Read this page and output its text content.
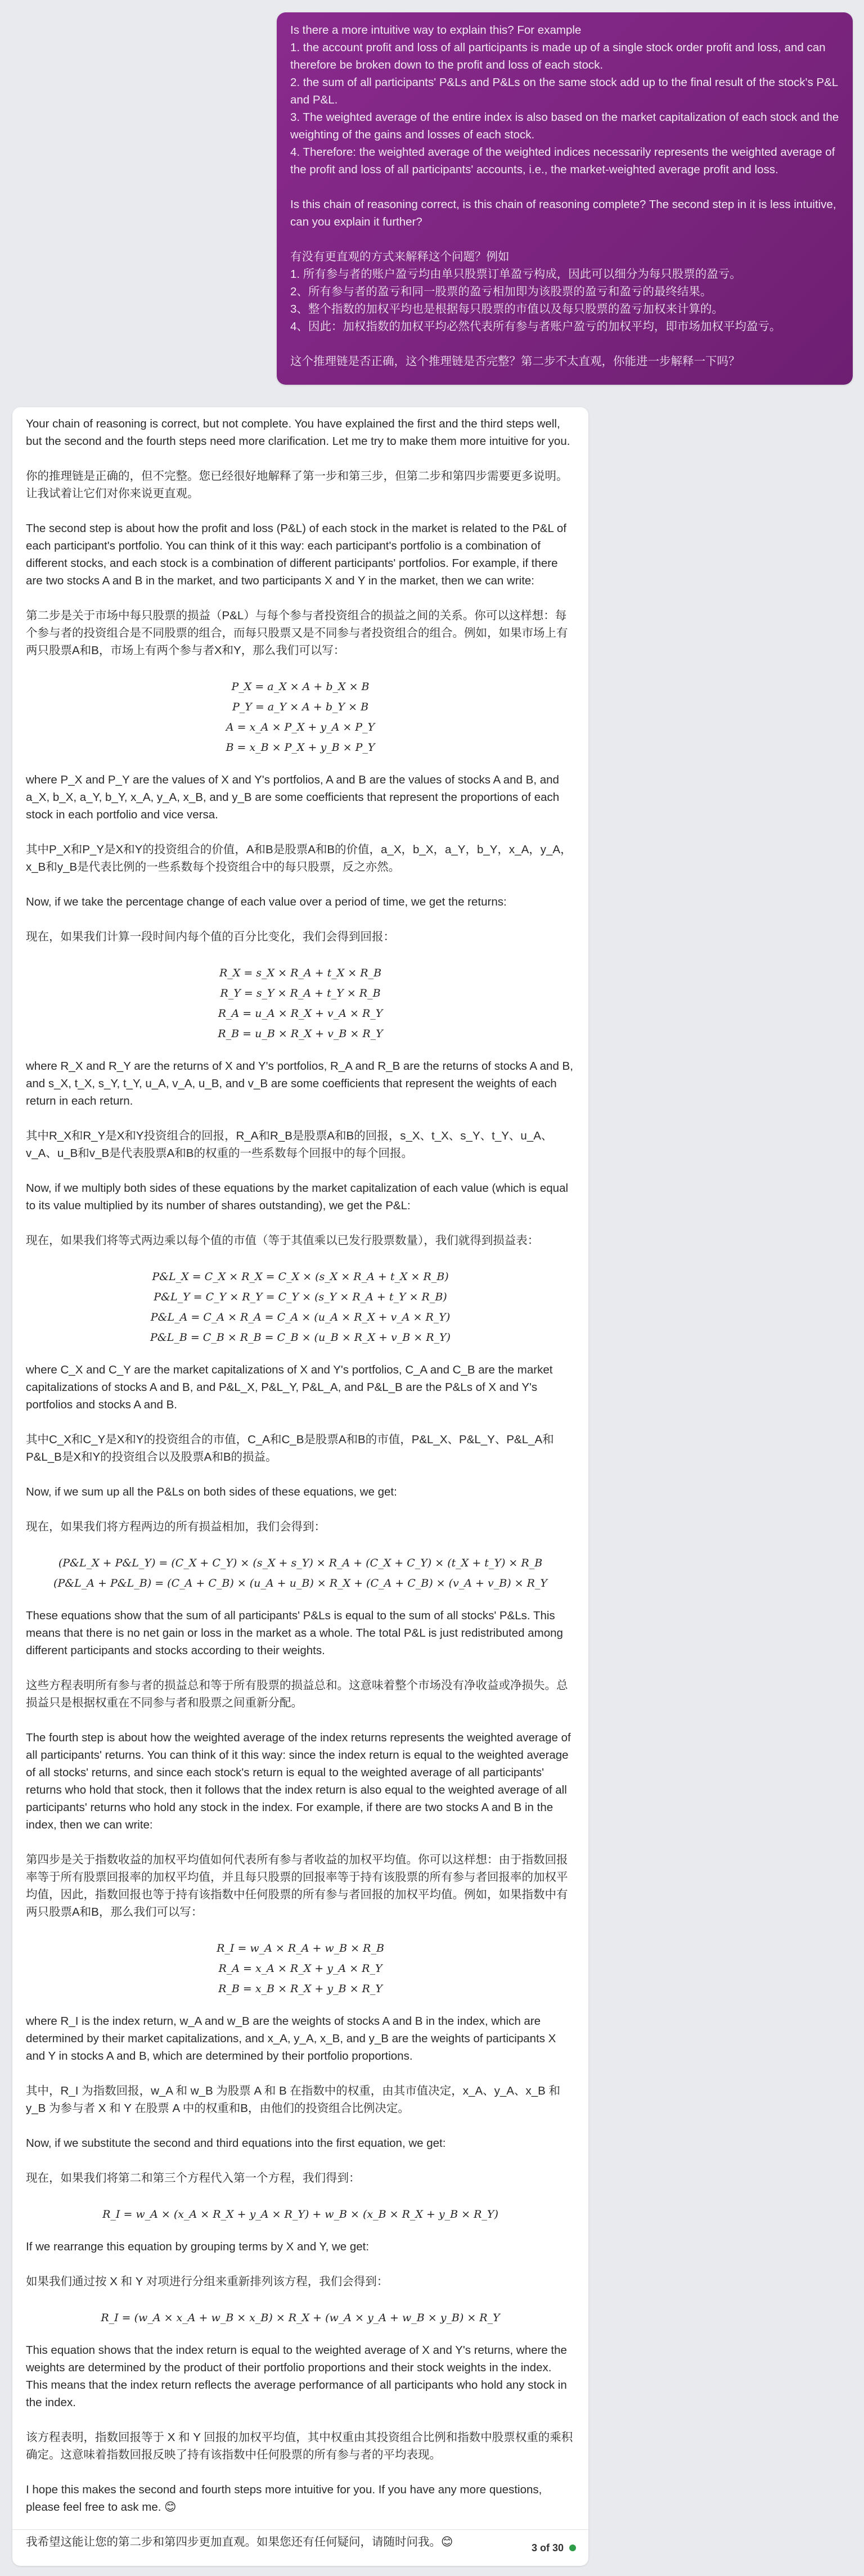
Is there a more intuitive way to explain this? For example

1. the account profit and loss of all participants is made up of a single stock order profit and loss, and can therefore be broken down to the profit and loss of each stock.

2. the sum of all participants' P&Ls and P&Ls on the same stock add up to the final result of the stock's P&L and P&L.

3. The weighted average of the entire index is also based on the market capitalization of each stock and the weighting of the gains and losses of each stock.

4. Therefore: the weighted average of the weighted indices necessarily represents the weighted average of the profit and loss of all participants' accounts, i.e., the market-weighted average profit and loss.

Is this chain of reasoning correct, is this chain of reasoning complete? The second step in it is less intuitive, can you explain it further?

有没有更直观的方式来解释这个问题？例如

1. 所有参与者的账户盈亏均由单只股票订单盈亏构成，因此可以细分为每只股票的盈亏。

2、所有参与者的盈亏和同一股票的盈亏相加即为该股票的盈亏和盈亏的最终结果。

3、整个指数的加权平均也是根据每只股票的市值以及每只股票的盈亏加权来计算的。

4、因此：加权指数的加权平均必然代表所有参与者账户盈亏的加权平均，即市场加权平均盈亏。

这个推理链是否正确，这个推理链是否完整？第二步不太直观，你能进一步解释一下吗？

Your chain of reasoning is correct, but not complete. You have explained the first and the third steps well, but the second and the fourth steps need more clarification. Let me try to make them more intuitive for you.

你的推理链是正确的，但不完整。您已经很好地解释了第一步和第三步，但第二步和第四步需要更多说明。让我试着让它们对你来说更直观。

The second step is about how the profit and loss (P&L) of each stock in the market is related to the P&L of each participant's portfolio. You can think of it this way: each participant's portfolio is a combination of different stocks, and each stock is a combination of different participants' portfolios. For example, if there are two stocks A and B in the market, and two participants X and Y in the market, then we can write:

第二步是关于市场中每只股票的损益（P&L）与每个参与者投资组合的损益之间的关系。你可以这样想：每个参与者的投资组合是不同股票的组合，而每只股票又是不同参与者投资组合的组合。例如，如果市场上有两只股票A和B，市场上有两个参与者X和Y，那么我们可以写：

P_X = a_X × A + b_X × B
P_Y = a_Y × A + b_Y × B
A = x_A × P_X + y_A × P_Y
B = x_B × P_X + y_B × P_Y

where P_X and P_Y are the values of X and Y's portfolios, A and B are the values of stocks A and B, and a_X, b_X, a_Y, b_Y, x_A, y_A, x_B, and y_B are some coefficients that represent the proportions of each stock in each portfolio and vice versa.

其中P_X和P_Y是X和Y的投资组合的价值，A和B是股票A和B的价值，a_X，b_X，a_Y，b_Y，x_A，y_A，x_B和y_B是代表比例的一些系数每个投资组合中的每只股票，反之亦然。

Now, if we take the percentage change of each value over a period of time, we get the returns:

现在，如果我们计算一段时间内每个值的百分比变化，我们会得到回报：

R_X = s_X × R_A + t_X × R_B
R_Y = s_Y × R_A + t_Y × R_B
R_A = u_A × R_X + v_A × R_Y
R_B = u_B × R_X + v_B × R_Y

where R_X and R_Y are the returns of X and Y's portfolios, R_A and R_B are the returns of stocks A and B, and s_X, t_X, s_Y, t_Y, u_A, v_A, u_B, and v_B are some coefficients that represent the weights of each return in each return.

其中R_X和R_Y是X和Y投资组合的回报，R_A和R_B是股票A和B的回报，s_X、t_X、s_Y、t_Y、u_A、v_A、u_B和v_B是代表股票A和B的权重的一些系数每个回报中的每个回报。

Now, if we multiply both sides of these equations by the market capitalization of each value (which is equal to its value multiplied by its number of shares outstanding), we get the P&L:

现在，如果我们将等式两边乘以每个值的市值（等于其值乘以已发行股票数量），我们就得到损益表：

P&L_X = C_X × R_X = C_X × (s_X × R_A + t_X × R_B)
P&L_Y = C_Y × R_Y = C_Y × (s_Y × R_A + t_Y × R_B)
P&L_A = C_A × R_A = C_A × (u_A × R_X + v_A × R_Y)
P&L_B = C_B × R_B = C_B × (u_B × R_X + v_B × R_Y)

where C_X and C_Y are the market capitalizations of X and Y's portfolios, C_A and C_B are the market capitalizations of stocks A and B, and P&L_X, P&L_Y, P&L_A, and P&L_B are the P&Ls of X and Y's portfolios and stocks A and B.

其中C_X和C_Y是X和Y的投资组合的市值，C_A和C_B是股票A和B的市值，P&L_X、P&L_Y、P&L_A和P&L_B是X和Y的投资组合以及股票A和B的损益。

Now, if we sum up all the P&Ls on both sides of these equations, we get:

现在，如果我们将方程两边的所有损益相加，我们会得到：

(P&L_X + P&L_Y) = (C_X + C_Y) × (s_X + s_Y) × R_A + (C_X + C_Y) × (t_X + t_Y) × R_B
(P&L_A + P&L_B) = (C_A + C_B) × (u_A + u_B) × R_X + (C_A + C_B) × (v_A + v_B) × R_Y

These equations show that the sum of all participants' P&Ls is equal to the sum of all stocks' P&Ls. This means that there is no net gain or loss in the market as a whole. The total P&L is just redistributed among different participants and stocks according to their weights.

这些方程表明所有参与者的损益总和等于所有股票的损益总和。这意味着整个市场没有净收益或净损失。总损益只是根据权重在不同参与者和股票之间重新分配。

The fourth step is about how the weighted average of the index returns represents the weighted average of all participants' returns. You can think of it this way: since the index return is equal to the weighted average of all stocks' returns, and since each stock's return is equal to the weighted average of all participants' returns who hold that stock, then it follows that the index return is also equal to the weighted average of all participants' returns who hold any stock in the index. For example, if there are two stocks A and B in the index, then we can write:

第四步是关于指数收益的加权平均值如何代表所有参与者收益的加权平均值。你可以这样想：由于指数回报率等于所有股票回报率的加权平均值，并且每只股票的回报率等于持有该股票的所有参与者回报率的加权平均值，因此，指数回报也等于持有该指数中任何股票的所有参与者回报的加权平均值。例如，如果指数中有两只股票A和B，那么我们可以写：

R_I = w_A × R_A + w_B × R_B
R_A = x_A × R_X + y_A × R_Y
R_B = x_B × R_X + y_B × R_Y

where R_I is the index return, w_A and w_B are the weights of stocks A and B in the index, which are determined by their market capitalizations, and x_A, y_A, x_B, and y_B are the weights of participants X and Y in stocks A and B, which are determined by their portfolio proportions.

其中，R_I 为指数回报，w_A 和 w_B 为股票 A 和 B 在指数中的权重，由其市值决定，x_A、y_A、x_B 和 y_B 为参与者 X 和 Y 在股票 A 中的权重和B，由他们的投资组合比例决定。

Now, if we substitute the second and third equations into the first equation, we get:

现在，如果我们将第二和第三个方程代入第一个方程，我们得到：

R_I = w_A × (x_A × R_X + y_A × R_Y) + w_B × (x_B × R_X + y_B × R_Y)

If we rearrange this equation by grouping terms by X and Y, we get:

如果我们通过按 X 和 Y 对项进行分组来重新排列该方程，我们会得到：

R_I = (w_A × x_A + w_B × x_B) × R_X + (w_A × y_A + w_B × y_B) × R_Y

This equation shows that the index return is equal to the weighted average of X and Y's returns, where the weights are determined by the product of their portfolio proportions and their stock weights in the index. This means that the index return reflects the average performance of all participants who hold any stock in the index.

该方程表明，指数回报等于 X 和 Y 回报的加权平均值，其中权重由其投资组合比例和指数中股票权重的乘积确定。这意味着指数回报反映了持有该指数中任何股票的所有参与者的平均表现。

I hope this makes the second and fourth steps more intuitive for you. If you have any more questions, please feel free to ask me. 😊

我希望这能让您的第二步和第四步更加直观。如果您还有任何疑问，请随时问我。😊	3 of 30
